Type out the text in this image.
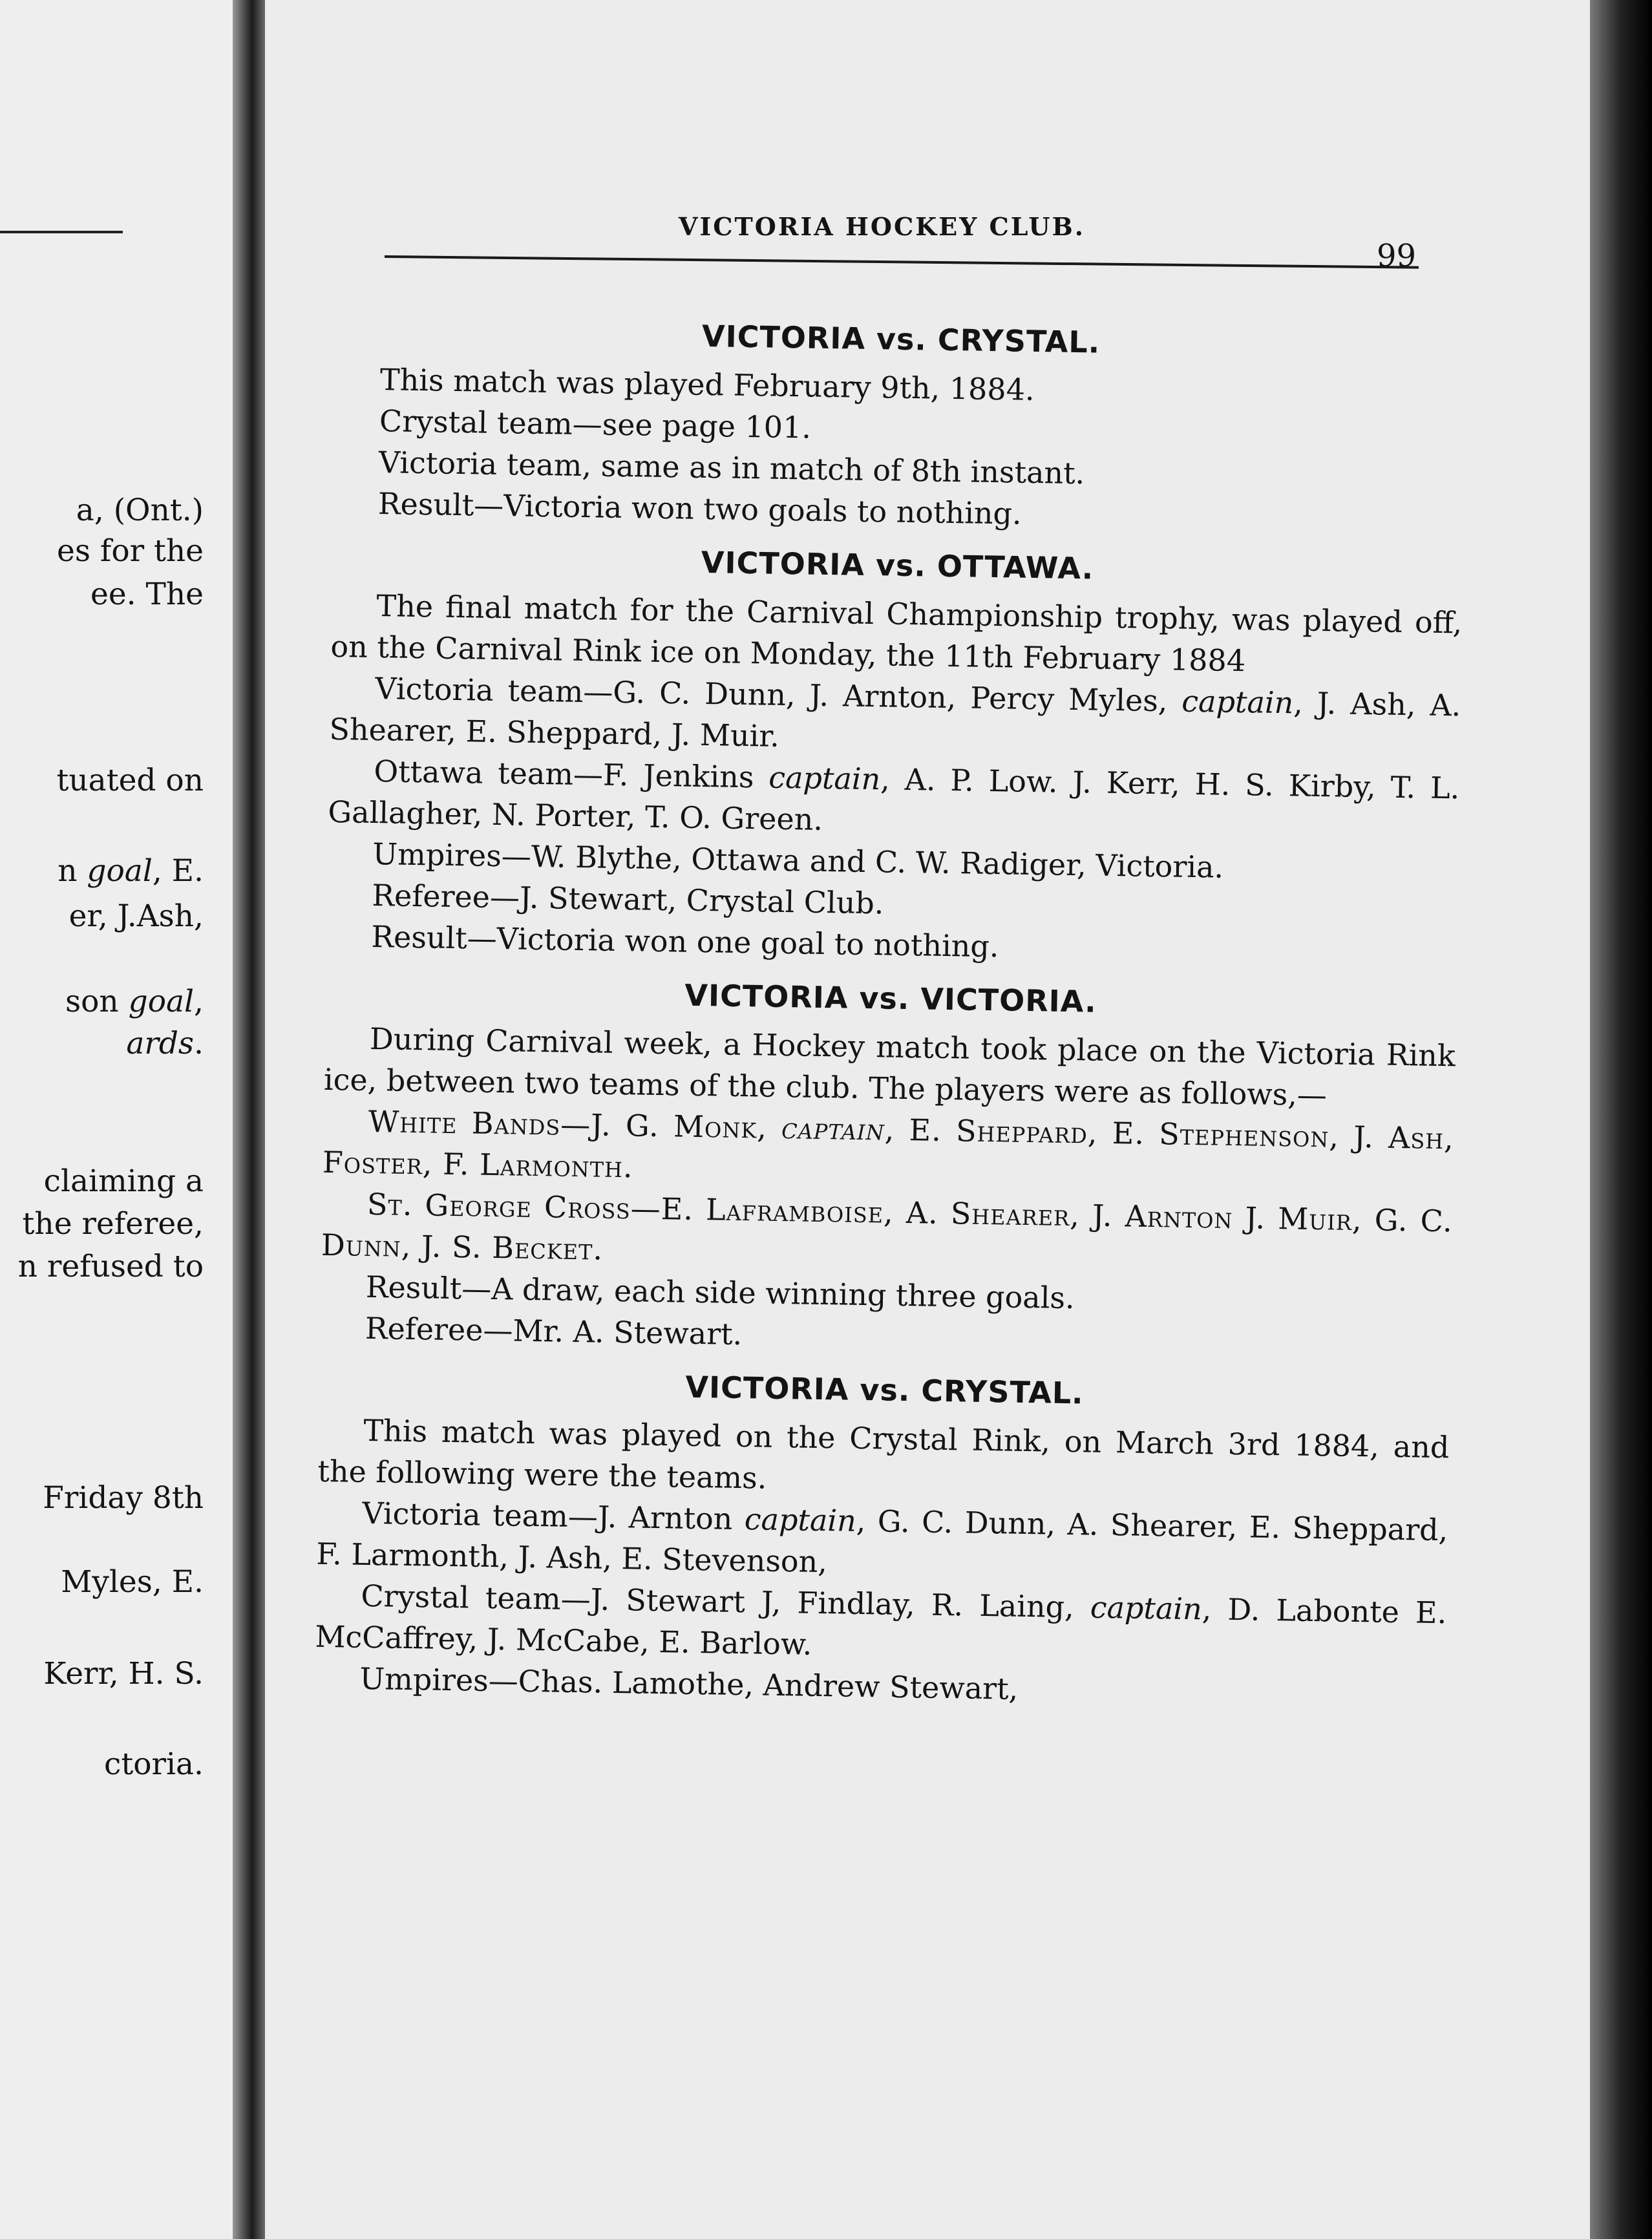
a, (Ont.)
es for the
ee. The
tuated on
n goal, E.
er, J.Ash,
son goal,
ards.
claiming a
the referee,
n refused to
Friday 8th
Myles, E.
Kerr, H. S.
ctoria.
VICTORIA HOCKEY CLUB.
99
VICTORIA vs. CRYSTAL.

This match was played February 9th, 1884.

Crystal team—see page 101.

Victoria team, same as in match of 8th instant.

Result—Victoria won two goals to nothing.

VICTORIA vs. OTTAWA.

The final match for the Carnival Championship trophy, was played off, on the Carnival Rink ice on Monday, the 11th February 1884

Victoria team—G. C. Dunn, J. Arnton, Percy Myles, captain, J. Ash, A. Shearer, E. Sheppard, J. Muir.

Ottawa team—F. Jenkins captain, A. P. Low. J. Kerr, H. S. Kirby, T. L. Gallagher, N. Porter, T. O. Green.

Umpires—W. Blythe, Ottawa and C. W. Radiger, Victoria.

Referee—J. Stewart, Crystal Club.

Result—Victoria won one goal to nothing.

VICTORIA vs. VICTORIA.

During Carnival week, a Hockey match took place on the Victoria Rink ice, between two teams of the club. The players were as follows,—

White Bands—J. G. Monk, captain, E. Sheppard, E. Stephenson, J. Ash, Foster, F. Larmonth.

St. George Cross—E. Laframboise, A. Shearer, J. Arnton J. Muir, G. C. Dunn, J. S. Becket.

Result—A draw, each side winning three goals.

Referee—Mr. A. Stewart.

VICTORIA vs. CRYSTAL.

This match was played on the Crystal Rink, on March 3rd 1884, and the following were the teams.

Victoria team—J. Arnton captain, G. C. Dunn, A. Shearer, E. Sheppard, F. Larmonth, J. Ash, E. Stevenson,

Crystal team—J. Stewart J, Findlay, R. Laing, captain, D. Labonte E. McCaffrey, J. McCabe, E. Barlow.

Umpires—Chas. Lamothe, Andrew Stewart,
